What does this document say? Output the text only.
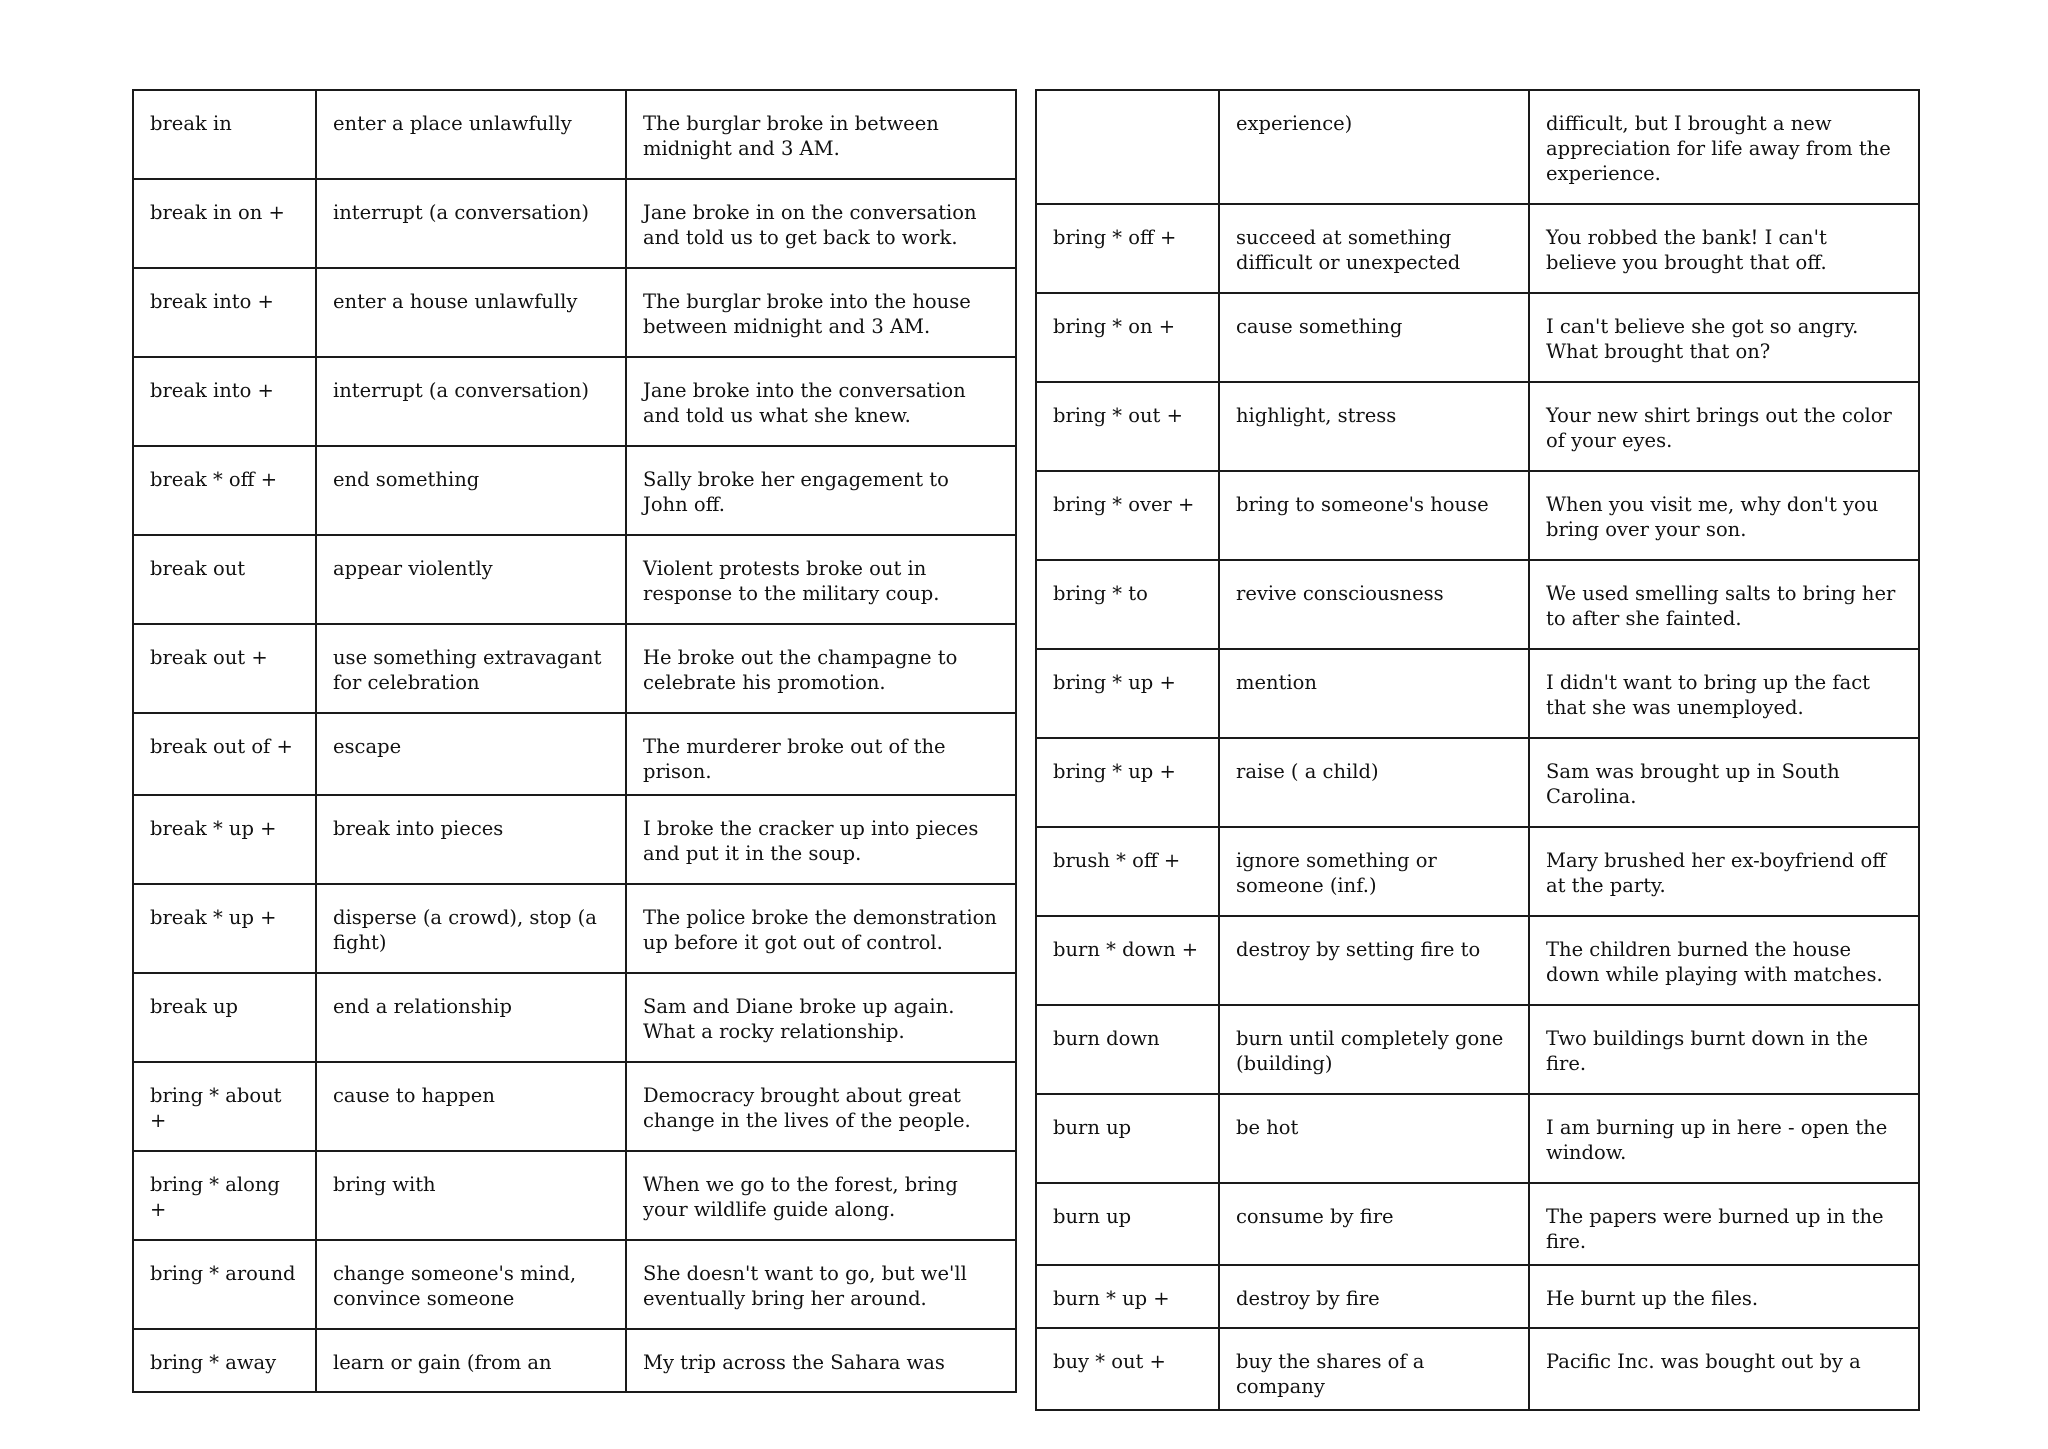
break in	enter a place unlawfully	The burglar broke in between midnight and 3 AM.
break in on +	interrupt (a conversation)	Jane broke in on the conversation and told us to get back to work.
break into +	enter a house unlawfully	The burglar broke into the house between midnight and 3 AM.
break into +	interrupt (a conversation)	Jane broke into the conversation and told us what she knew.
break * off +	end something	Sally broke her engagement to John off.
break out	appear violently	Violent protests broke out in response to the military coup.
break out +	use something extravagant for celebration	He broke out the champagne to celebrate his promotion.
break out of +	escape	The murderer broke out of the prison.
break * up +	break into pieces	I broke the cracker up into pieces and put it in the soup.
break * up +	disperse (a crowd), stop (a fight)	The police broke the demonstration up before it got out of control.
break up	end a relationship	Sam and Diane broke up again. What a rocky relationship.
bring * about +	cause to happen	Democracy brought about great change in the lives of the people.
bring * along +	bring with	When we go to the forest, bring your wildlife guide along.
bring * around	change someone's mind, convince someone	She doesn't want to go, but we'll eventually bring her around.
bring * away	learn or gain (from an	My trip across the Sahara was
	experience)	difficult, but I brought a new appreciation for life away from the experience.
bring * off +	succeed at something difficult or unexpected	You robbed the bank! I can't believe you brought that off.
bring * on +	cause something	I can't believe she got so angry. What brought that on?
bring * out +	highlight, stress	Your new shirt brings out the color of your eyes.
bring * over +	bring to someone's house	When you visit me, why don't you bring over your son.
bring * to	revive consciousness	We used smelling salts to bring her to after she fainted.
bring * up +	mention	I didn't want to bring up the fact that she was unemployed.
bring * up +	raise ( a child)	Sam was brought up in South Carolina.
brush * off +	ignore something or someone (inf.)	Mary brushed her ex-boyfriend off at the party.
burn * down +	destroy by setting fire to	The children burned the house down while playing with matches.
burn down	burn until completely gone (building)	Two buildings burnt down in the fire.
burn up	be hot	I am burning up in here - open the window.
burn up	consume by fire	The papers were burned up in the fire.
burn * up +	destroy by fire	He burnt up the files.
buy * out +	buy the shares of a company	Pacific Inc. was bought out by a
